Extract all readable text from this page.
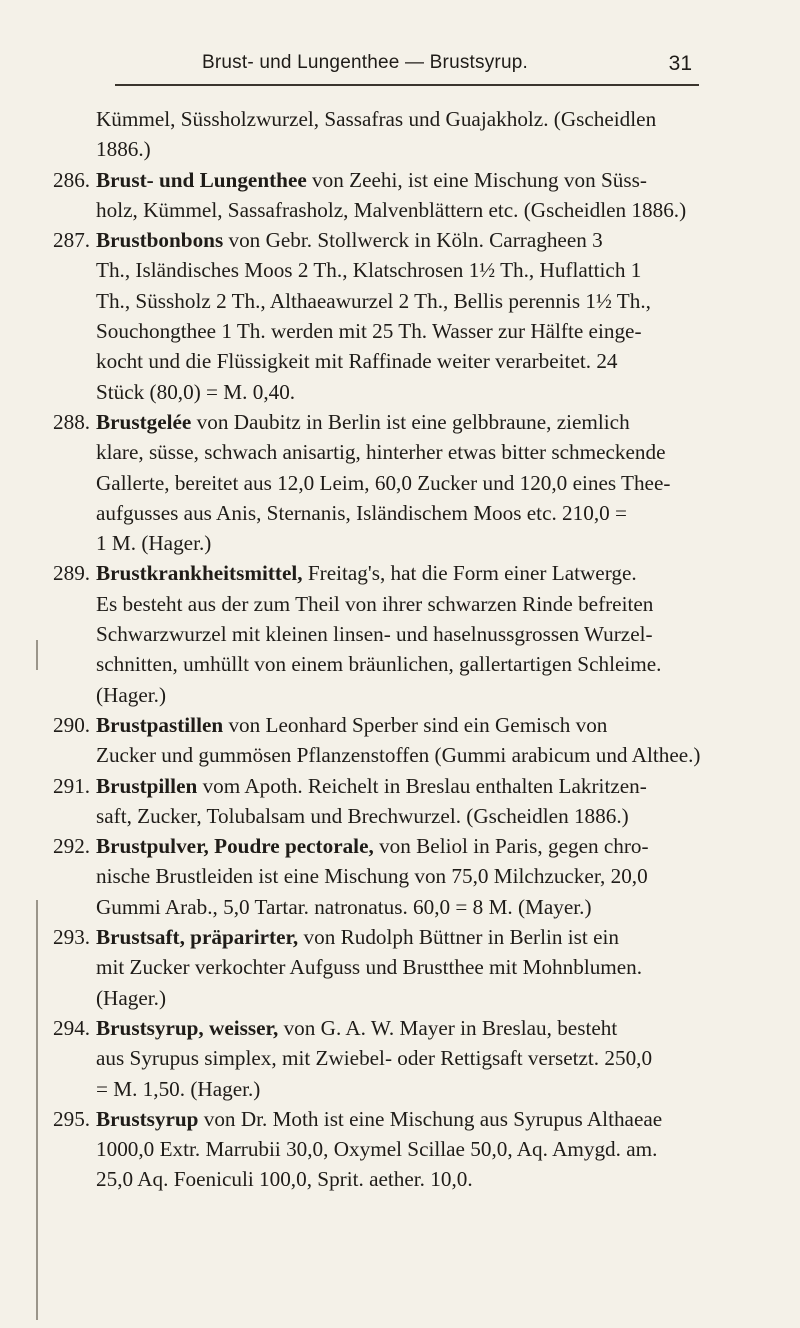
Brust- und Lungenthee — Brustsyrup.	31
Kümmel, Süssholzwurzel, Sassafras und Guajakholz. (Gscheidlen
1886.)
286. Brust- und Lungenthee von Zeehi, ist eine Mischung von Süss-
holz, Kümmel, Sassafrasholz, Malvenblättern etc. (Gscheidlen 1886.)
287. Brustbonbons von Gebr. Stollwerck in Köln. Carragheen 3
Th., Isländisches Moos 2 Th., Klatschrosen 1½ Th., Huflattich 1
Th., Süssholz 2 Th., Althaeawurzel 2 Th., Bellis perennis 1½ Th.,
Souchongthee 1 Th. werden mit 25 Th. Wasser zur Hälfte einge-
kocht und die Flüssigkeit mit Raffinade weiter verarbeitet. 24
Stück (80,0) = M. 0,40.
288. Brustgelée von Daubitz in Berlin ist eine gelbbraune, ziemlich
klare, süsse, schwach anisartig, hinterher etwas bitter schmeckende
Gallerte, bereitet aus 12,0 Leim, 60,0 Zucker und 120,0 eines Thee-
aufgusses aus Anis, Sternanis, Isländischem Moos etc. 210,0 =
1 M. (Hager.)
289. Brustkrankheitsmittel, Freitag's, hat die Form einer Latwerge.
Es besteht aus der zum Theil von ihrer schwarzen Rinde befreiten
Schwarzwurzel mit kleinen linsen- und haselnussgrossen Wurzel-
schnitten, umhüllt von einem bräunlichen, gallertartigen Schleime.
(Hager.)
290. Brustpastillen von Leonhard Sperber sind ein Gemisch von
Zucker und gummösen Pflanzenstoffen (Gummi arabicum und Althee.)
291. Brustpillen vom Apoth. Reichelt in Breslau enthalten Lakritzen-
saft, Zucker, Tolubalsam und Brechwurzel. (Gscheidlen 1886.)
292. Brustpulver, Poudre pectorale, von Beliol in Paris, gegen chro-
nische Brustleiden ist eine Mischung von 75,0 Milchzucker, 20,0
Gummi Arab., 5,0 Tartar. natronatus. 60,0 = 8 M. (Mayer.)
293. Brustsaft, präparirter, von Rudolph Büttner in Berlin ist ein
mit Zucker verkochter Aufguss und Brustthee mit Mohnblumen.
(Hager.)
294. Brustsyrup, weisser, von G. A. W. Mayer in Breslau, besteht
aus Syrupus simplex, mit Zwiebel- oder Rettigsaft versetzt. 250,0
= M. 1,50. (Hager.)
295. Brustsyrup von Dr. Moth ist eine Mischung aus Syrupus Althaeae
1000,0 Extr. Marrubii 30,0, Oxymel Scillae 50,0, Aq. Amygd. am.
25,0 Aq. Foeniculi 100,0, Sprit. aether. 10,0.
